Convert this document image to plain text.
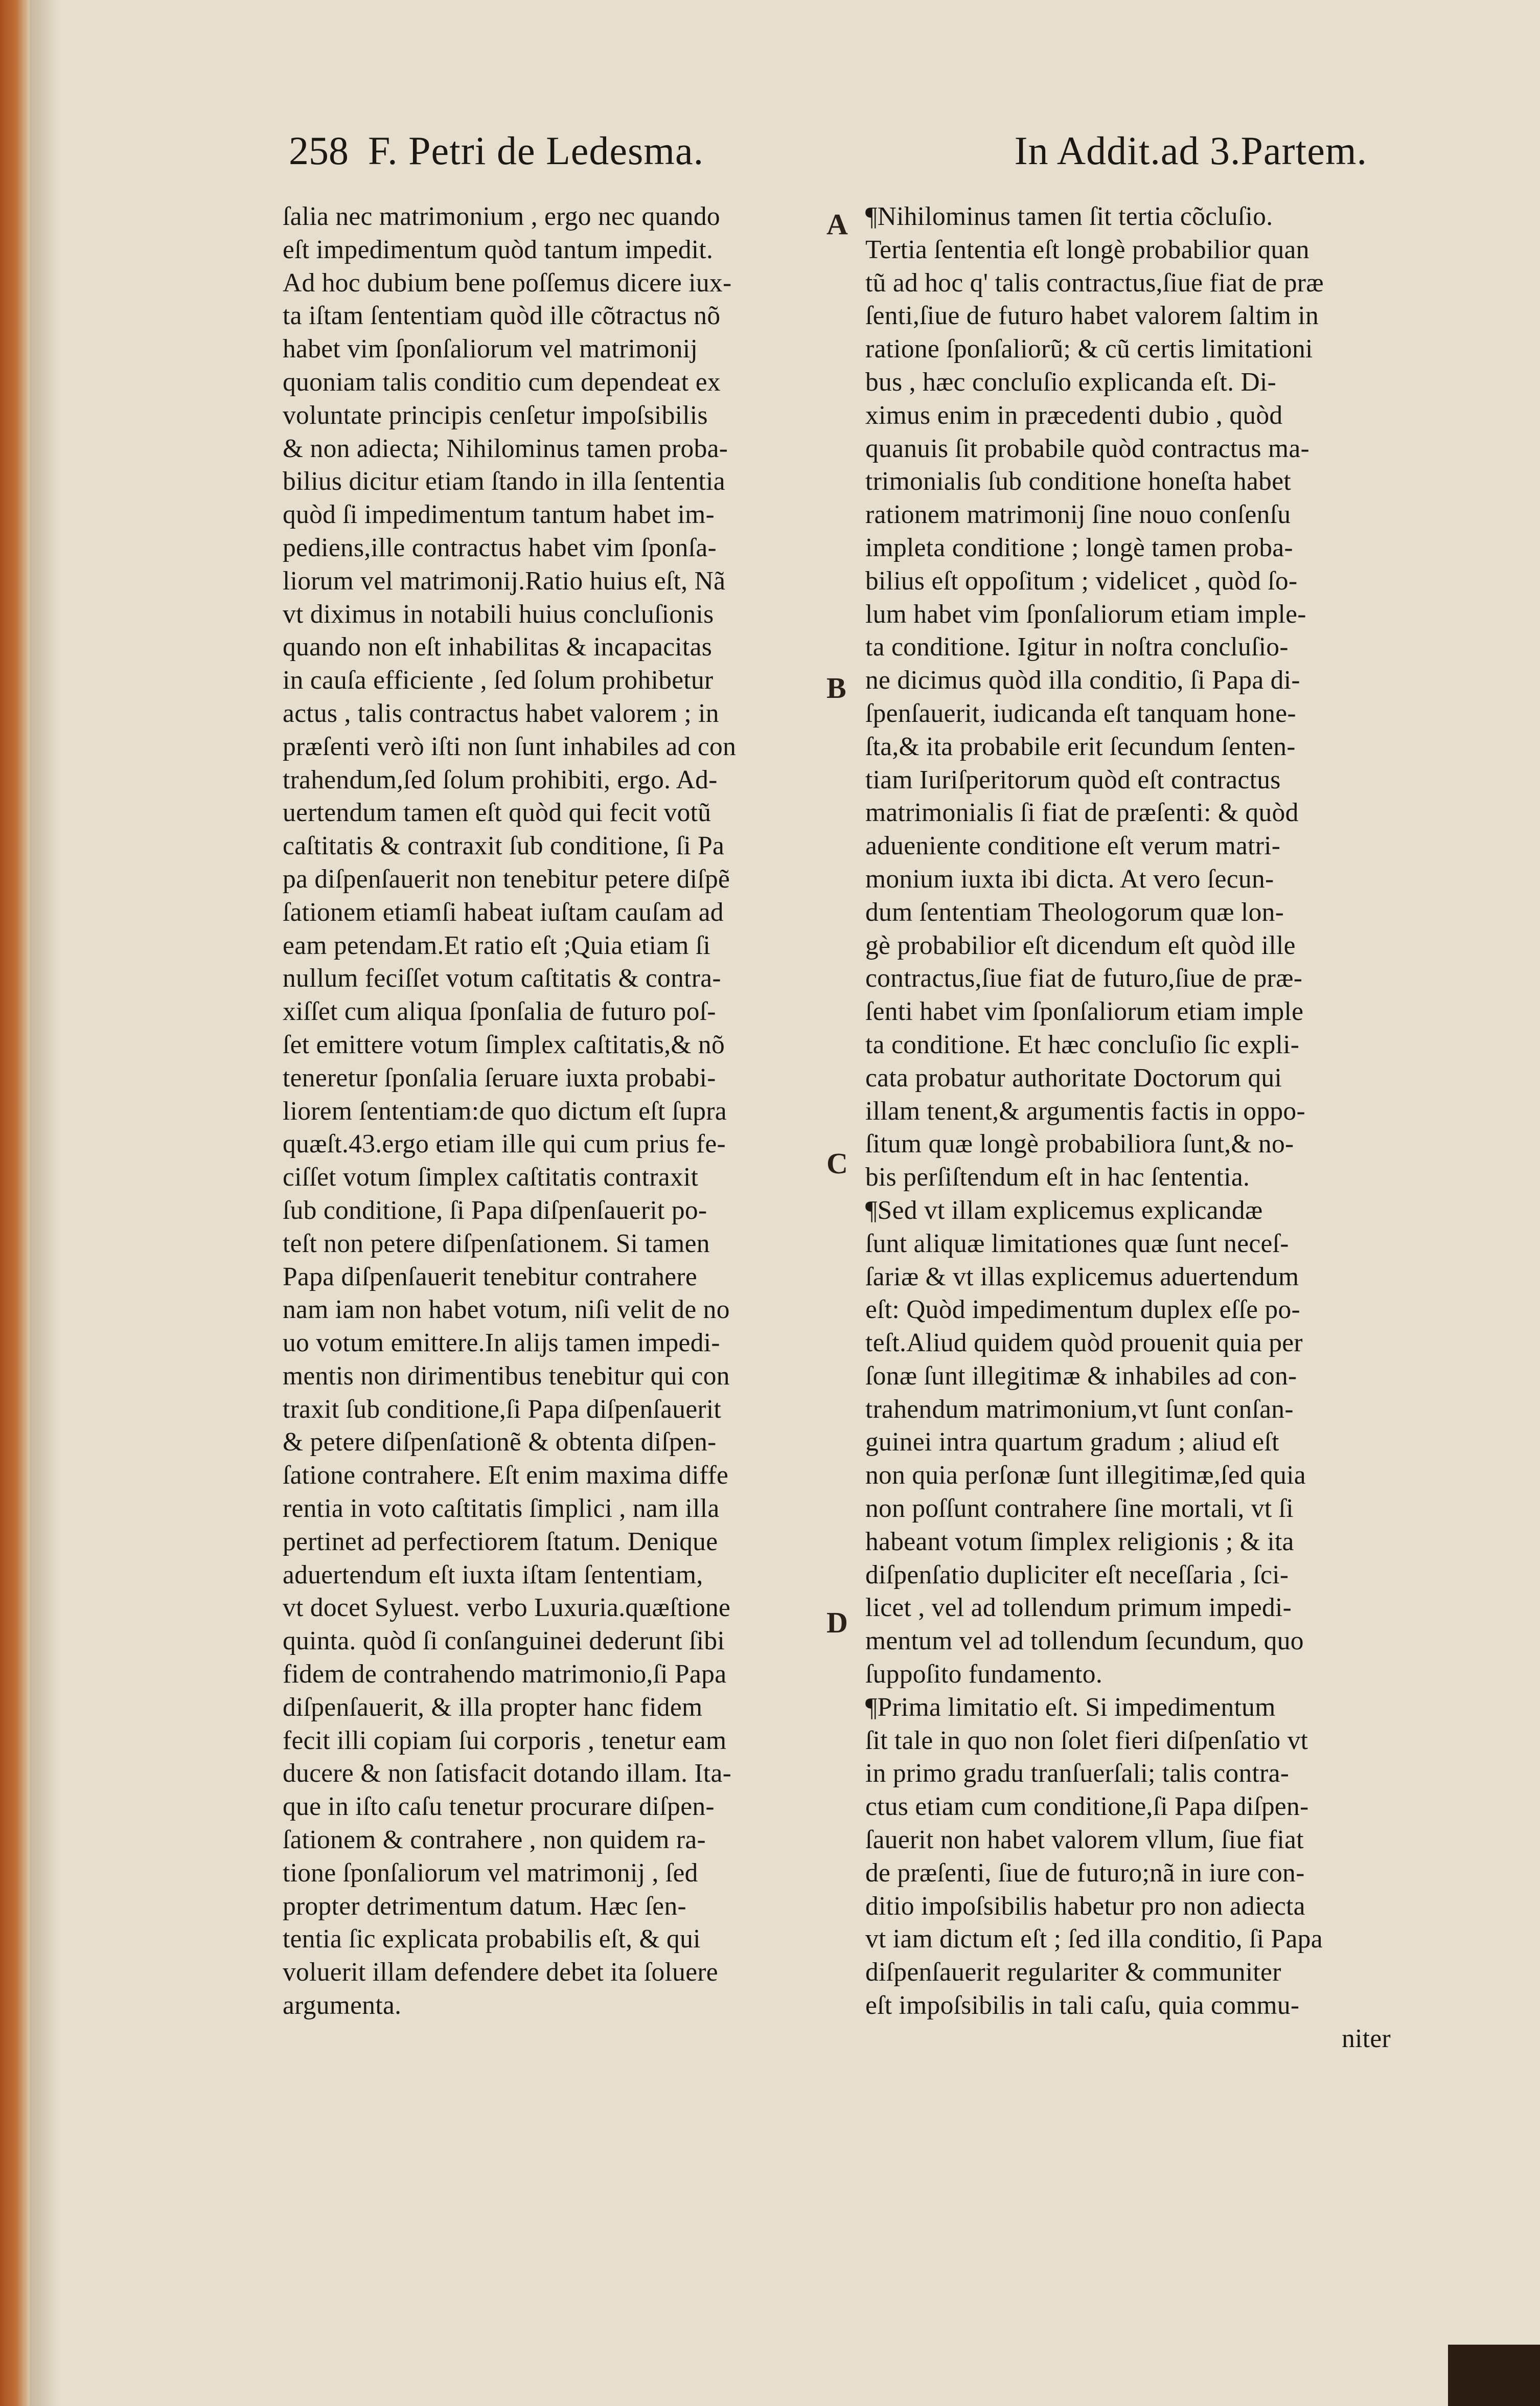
258 F. Petri de Ledesma.	In Addit.ad 3.Partem.
ſalia nec matrimonium , ergo nec quando
eſt impedimentum quòd tantum impedit.
Ad hoc dubium bene poſſemus dicere iux-
ta iſtam ſententiam quòd ille cõtractus nõ
habet vim ſponſaliorum vel matrimonij
quoniam talis conditio cum dependeat ex
voluntate principis cenſetur impoſsibilis
& non adiecta; Nihilominus tamen proba-
bilius dicitur etiam ſtando in illa ſententia
quòd ſi impedimentum tantum habet im-
pediens,ille contractus habet vim ſponſa-
liorum vel matrimonij.Ratio huius eſt, Nã
vt diximus in notabili huius concluſionis
quando non eſt inhabilitas & incapacitas
in cauſa efficiente , ſed ſolum prohibetur
actus , talis contractus habet valorem ; in
præſenti verò iſti non ſunt inhabiles ad con
trahendum,ſed ſolum prohibiti, ergo. Ad-
uertendum tamen eſt quòd qui fecit votũ
caſtitatis & contraxit ſub conditione, ſi Pa
pa diſpenſauerit non tenebitur petere diſpẽ
ſationem etiamſi habeat iuſtam cauſam ad
eam petendam.Et ratio eſt ;Quia etiam ſi
nullum feciſſet votum caſtitatis & contra-
xiſſet cum aliqua ſponſalia de futuro poſ-
ſet emittere votum ſimplex caſtitatis,& nõ
teneretur ſponſalia ſeruare iuxta probabi-
liorem ſententiam:de quo dictum eſt ſupra
quæſt.43.ergo etiam ille qui cum prius fe-
ciſſet votum ſimplex caſtitatis contraxit
ſub conditione, ſi Papa diſpenſauerit po-
teſt non petere diſpenſationem. Si tamen
Papa diſpenſauerit tenebitur contrahere
nam iam non habet votum, niſi velit de no
uo votum emittere.In alijs tamen impedi-
mentis non dirimentibus tenebitur qui con
traxit ſub conditione,ſi Papa diſpenſauerit
& petere diſpenſationẽ & obtenta diſpen-
ſatione contrahere. Eſt enim maxima diffe
rentia in voto caſtitatis ſimplici , nam illa
pertinet ad perfectiorem ſtatum. Denique
aduertendum eſt iuxta iſtam ſententiam,
vt docet Syluest. verbo Luxuria.quæſtione
quinta. quòd ſi conſanguinei dederunt ſibi
fidem de contrahendo matrimonio,ſi Papa
diſpenſauerit, & illa propter hanc fidem
fecit illi copiam ſui corporis , tenetur eam
ducere & non ſatisfacit dotando illam. Ita-
que in iſto caſu tenetur procurare diſpen-
ſationem & contrahere , non quidem ra-
tione ſponſaliorum vel matrimonij , ſed
propter detrimentum datum. Hæc ſen-
tentia ſic explicata probabilis eſt, & qui
voluerit illam defendere debet ita ſoluere
argumenta.
¶Nihilominus tamen ſit tertia cõcluſio.
Tertia ſententia eſt longè probabilior quan
tũ ad hoc q' talis contractus,ſiue fiat de præ
ſenti,ſiue de futuro habet valorem ſaltim in
ratione ſponſaliorũ; & cũ certis limitationi
bus , hæc concluſio explicanda eſt. Di-
ximus enim in præcedenti dubio , quòd
quanuis ſit probabile quòd contractus ma-
trimonialis ſub conditione honeſta habet
rationem matrimonij ſine nouo conſenſu
impleta conditione ; longè tamen proba-
bilius eſt oppoſitum ; videlicet , quòd ſo-
lum habet vim ſponſaliorum etiam imple-
ta conditione. Igitur in noſtra concluſio-
ne dicimus quòd illa conditio, ſi Papa di-
ſpenſauerit, iudicanda eſt tanquam hone-
ſta,& ita probabile erit ſecundum ſenten-
tiam Iuriſperitorum quòd eſt contractus
matrimonialis ſi fiat de præſenti: & quòd
adueniente conditione eſt verum matri-
monium iuxta ibi dicta. At vero ſecun-
dum ſententiam Theologorum quæ lon-
gè probabilior eſt dicendum eſt quòd ille
contractus,ſiue fiat de futuro,ſiue de præ-
ſenti habet vim ſponſaliorum etiam imple
ta conditione. Et hæc concluſio ſic expli-
cata probatur authoritate Doctorum qui
illam tenent,& argumentis factis in oppo-
ſitum quæ longè probabiliora ſunt,& no-
bis perſiſtendum eſt in hac ſententia.
¶Sed vt illam explicemus explicandæ
ſunt aliquæ limitationes quæ ſunt neceſ-
ſariæ & vt illas explicemus aduertendum
eſt: Quòd impedimentum duplex eſſe po-
teſt.Aliud quidem quòd prouenit quia per
ſonæ ſunt illegitimæ & inhabiles ad con-
trahendum matrimonium,vt ſunt conſan-
guinei intra quartum gradum ; aliud eſt
non quia perſonæ ſunt illegitimæ,ſed quia
non poſſunt contrahere ſine mortali, vt ſi
habeant votum ſimplex religionis ; & ita
diſpenſatio dupliciter eſt neceſſaria , ſci-
licet , vel ad tollendum primum impedi-
mentum vel ad tollendum ſecundum, quo
ſuppoſito fundamento.
¶Prima limitatio eſt. Si impedimentum
ſit tale in quo non ſolet fieri diſpenſatio vt
in primo gradu tranſuerſali; talis contra-
ctus etiam cum conditione,ſi Papa diſpen-
ſauerit non habet valorem vllum, ſiue fiat
de præſenti, ſiue de futuro;nã in iure con-
ditio impoſsibilis habetur pro non adiecta
vt iam dictum eſt ; ſed illa conditio, ſi Papa
diſpenſauerit regulariter & communiter
eſt impoſsibilis in tali caſu, quia commu-
niter
A
B
C
D
